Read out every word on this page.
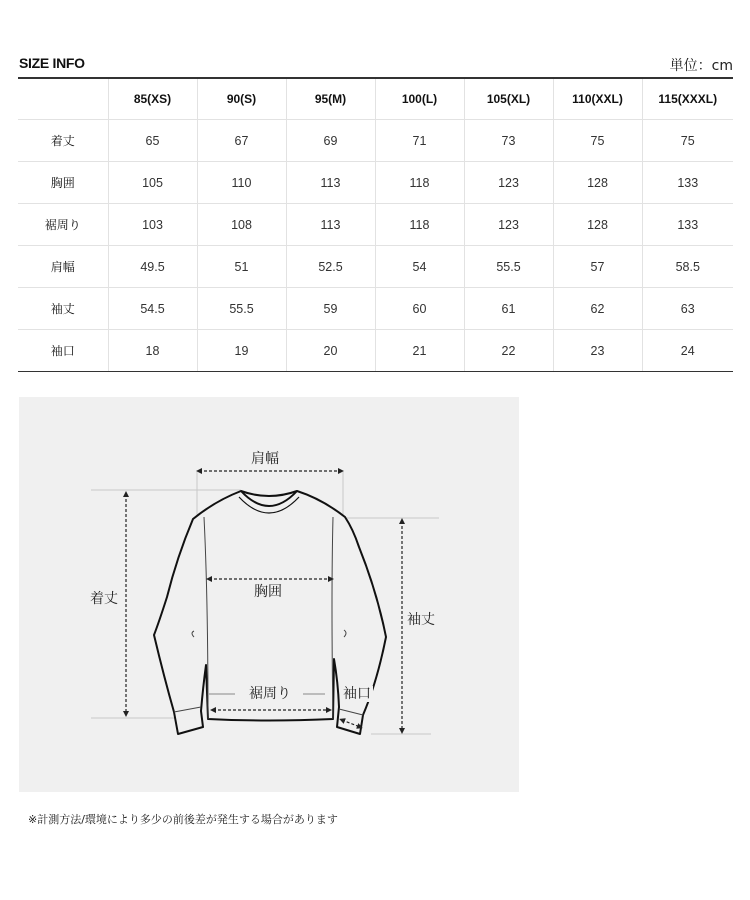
SIZE INFO	単位：cm
	85(XS)	90(S)	95(M)	100(L)	105(XL)	110(XXL)	115(XXXL)
着丈	65	67	69	71	73	75	75
胸囲	105	110	113	118	123	128	133
裾周り	103	108	113	118	123	128	133
肩幅	49.5	51	52.5	54	55.5	57	58.5
袖丈	54.5	55.5	59	60	61	62	63
袖口	18	19	20	21	22	23	24
肩幅
着丈	胸囲
袖丈
裾周り	袖口
※計測方法/環境により多少の前後差が発生する場合があります
